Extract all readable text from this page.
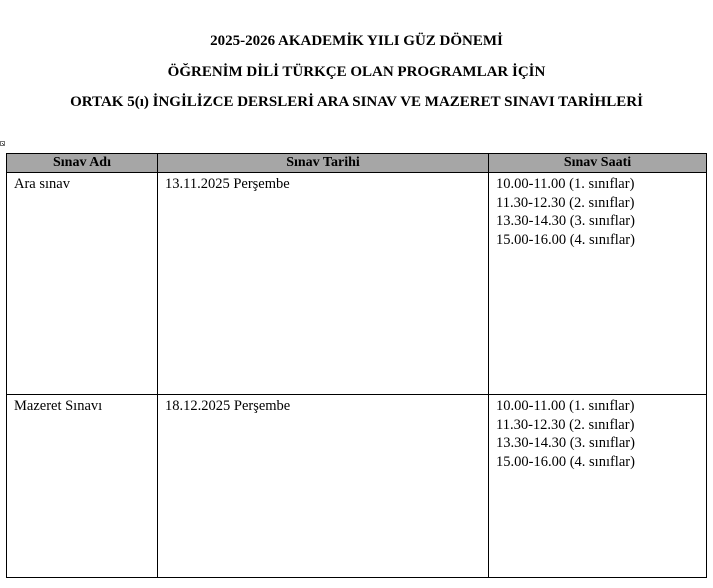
2025-2026 AKADEMİK YILI GÜZ DÖNEMİ
ÖĞRENİM DİLİ TÜRKÇE OLAN PROGRAMLAR İÇİN
ORTAK 5(ı) İNGİLİZCE DERSLERİ ARA SINAV VE MAZERET SINAVI TARİHLERİ
Sınav Adı	Sınav Tarihi	Sınav Saati

Ara sınav	13.11.2025 Perşembe	10.00-11.00 (1. sınıflar)
11.30-12.30 (2. sınıflar)
13.30-14.30 (3. sınıflar)
15.00-16.00 (4. sınıflar)

Mazeret Sınavı	18.12.2025 Perşembe	10.00-11.00 (1. sınıflar)
11.30-12.30 (2. sınıflar)
13.30-14.30 (3. sınıflar)
15.00-16.00 (4. sınıflar)
